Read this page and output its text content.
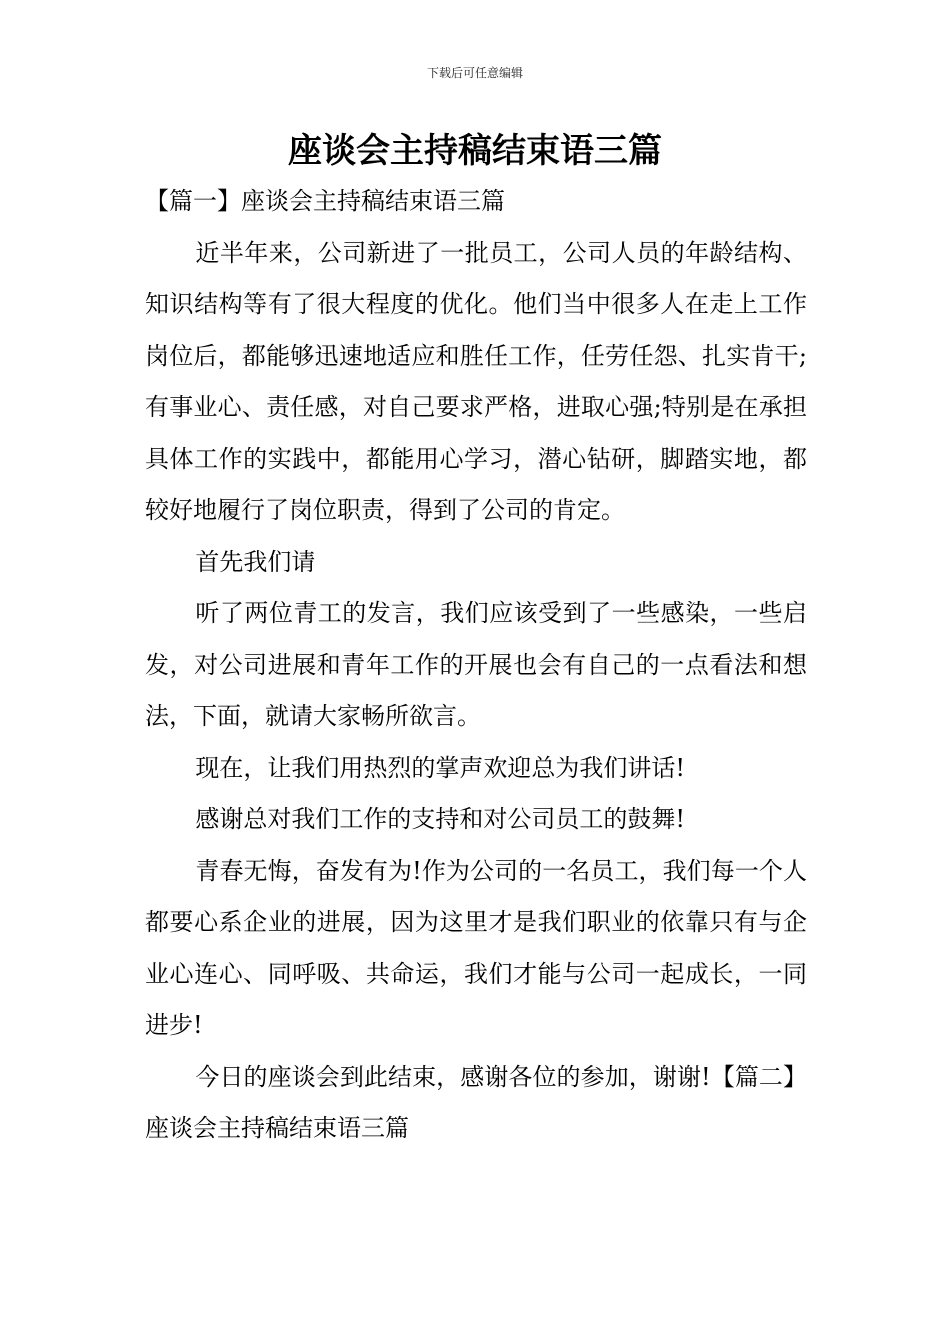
下载后可任意编辑
座谈会主持稿结束语三篇

【篇一】座谈会主持稿结束语三篇

近半年来，公司新进了一批员工，公司人员的年龄结构、知识结构等有了很大程度的优化。他们当中很多人在走上工作岗位后，都能够迅速地适应和胜任工作，任劳任怨、扎实肯干;有事业心、责任感，对自己要求严格，进取心强;特别是在承担具体工作的实践中，都能用心学习，潜心钻研，脚踏实地，都较好地履行了岗位职责，得到了公司的肯定。

首先我们请

听了两位青工的发言，我们应该受到了一些感染，一些启发，对公司进展和青年工作的开展也会有自己的一点看法和想法，下面，就请大家畅所欲言。

现在，让我们用热烈的掌声欢迎总为我们讲话!

感谢总对我们工作的支持和对公司员工的鼓舞!

青春无悔，奋发有为!作为公司的一名员工，我们每一个人都要心系企业的进展，因为这里才是我们职业的依靠只有与企业心连心、同呼吸、共命运，我们才能与公司一起成长，一同进步!

今日的座谈会到此结束，感谢各位的参加，谢谢!【篇二】座谈会主持稿结束语三篇
